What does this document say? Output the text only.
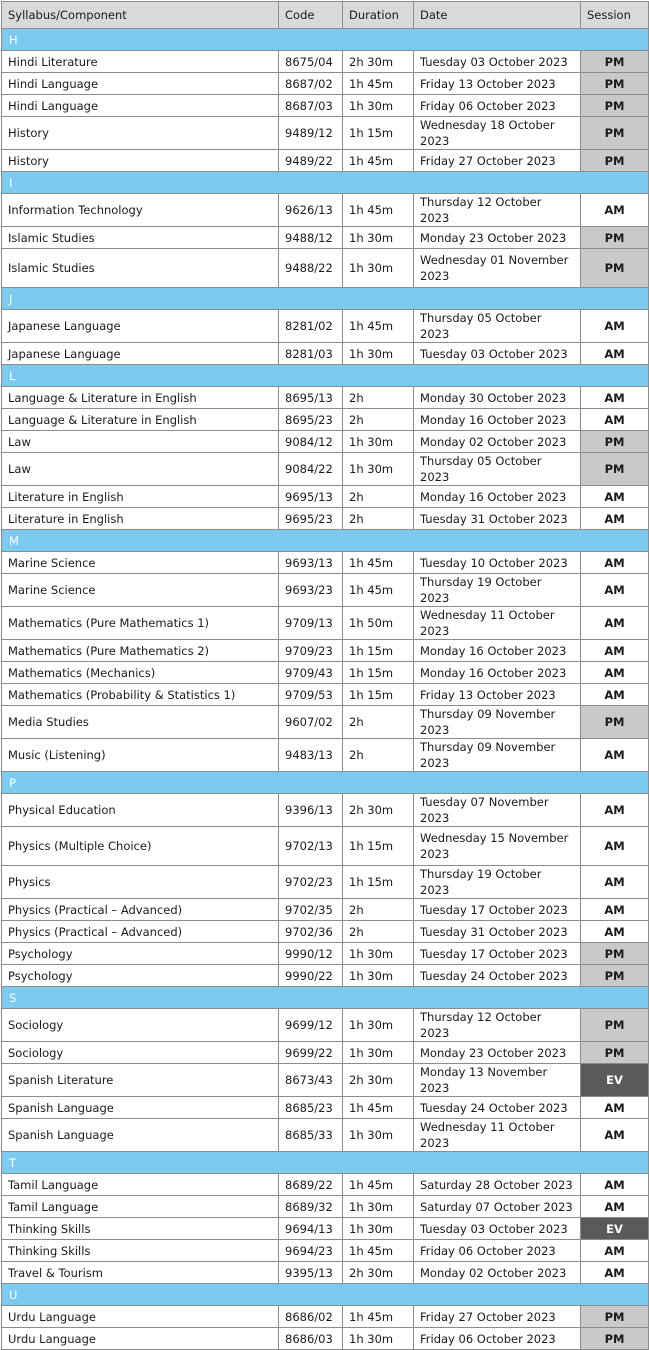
Syllabus/Component	Code	Duration	Date	Session
H				
Hindi Literature	8675/04	2h 30m	Tuesday 03 October 2023	PM
Hindi Language	8687/02	1h 45m	Friday 13 October 2023	PM
Hindi Language	8687/03	1h 30m	Friday 06 October 2023	PM
History	9489/12	1h 15m	Wednesday 18 October 2023	PM
History	9489/22	1h 45m	Friday 27 October 2023	PM
I				
Information Technology	9626/13	1h 45m	Thursday 12 October 2023	AM
Islamic Studies	9488/12	1h 30m	Monday 23 October 2023	PM
Islamic Studies	9488/22	1h 30m	Wednesday 01 November 2023	PM
J				
Japanese Language	8281/02	1h 45m	Thursday 05 October 2023	AM
Japanese Language	8281/03	1h 30m	Tuesday 03 October 2023	AM
L				
Language & Literature in English	8695/13	2h	Monday 30 October 2023	AM
Language & Literature in English	8695/23	2h	Monday 16 October 2023	AM
Law	9084/12	1h 30m	Monday 02 October 2023	PM
Law	9084/22	1h 30m	Thursday 05 October 2023	PM
Literature in English	9695/13	2h	Monday 16 October 2023	AM
Literature in English	9695/23	2h	Tuesday 31 October 2023	AM
M				
Marine Science	9693/13	1h 45m	Tuesday 10 October 2023	AM
Marine Science	9693/23	1h 45m	Thursday 19 October 2023	AM
Mathematics (Pure Mathematics 1)	9709/13	1h 50m	Wednesday 11 October 2023	AM
Mathematics (Pure Mathematics 2)	9709/23	1h 15m	Monday 16 October 2023	AM
Mathematics (Mechanics)	9709/43	1h 15m	Monday 16 October 2023	AM
Mathematics (Probability & Statistics 1)	9709/53	1h 15m	Friday 13 October 2023	AM
Media Studies	9607/02	2h	Thursday 09 November 2023	PM
Music (Listening)	9483/13	2h	Thursday 09 November 2023	AM
P				
Physical Education	9396/13	2h 30m	Tuesday 07 November 2023	AM
Physics (Multiple Choice)	9702/13	1h 15m	Wednesday 15 November 2023	AM
Physics	9702/23	1h 15m	Thursday 19 October 2023	AM
Physics (Practical – Advanced)	9702/35	2h	Tuesday 17 October 2023	AM
Physics (Practical – Advanced)	9702/36	2h	Tuesday 31 October 2023	AM
Psychology	9990/12	1h 30m	Tuesday 17 October 2023	PM
Psychology	9990/22	1h 30m	Tuesday 24 October 2023	PM
S				
Sociology	9699/12	1h 30m	Thursday 12 October 2023	PM
Sociology	9699/22	1h 30m	Monday 23 October 2023	PM
Spanish Literature	8673/43	2h 30m	Monday 13 November 2023	EV
Spanish Language	8685/23	1h 45m	Tuesday 24 October 2023	AM
Spanish Language	8685/33	1h 30m	Wednesday 11 October 2023	AM
T				
Tamil Language	8689/22	1h 45m	Saturday 28 October 2023	AM
Tamil Language	8689/32	1h 30m	Saturday 07 October 2023	AM
Thinking Skills	9694/13	1h 30m	Tuesday 03 October 2023	EV
Thinking Skills	9694/23	1h 45m	Friday 06 October 2023	AM
Travel & Tourism	9395/13	2h 30m	Monday 02 October 2023	AM
U				
Urdu Language	8686/02	1h 45m	Friday 27 October 2023	PM
Urdu Language	8686/03	1h 30m	Friday 06 October 2023	PM
